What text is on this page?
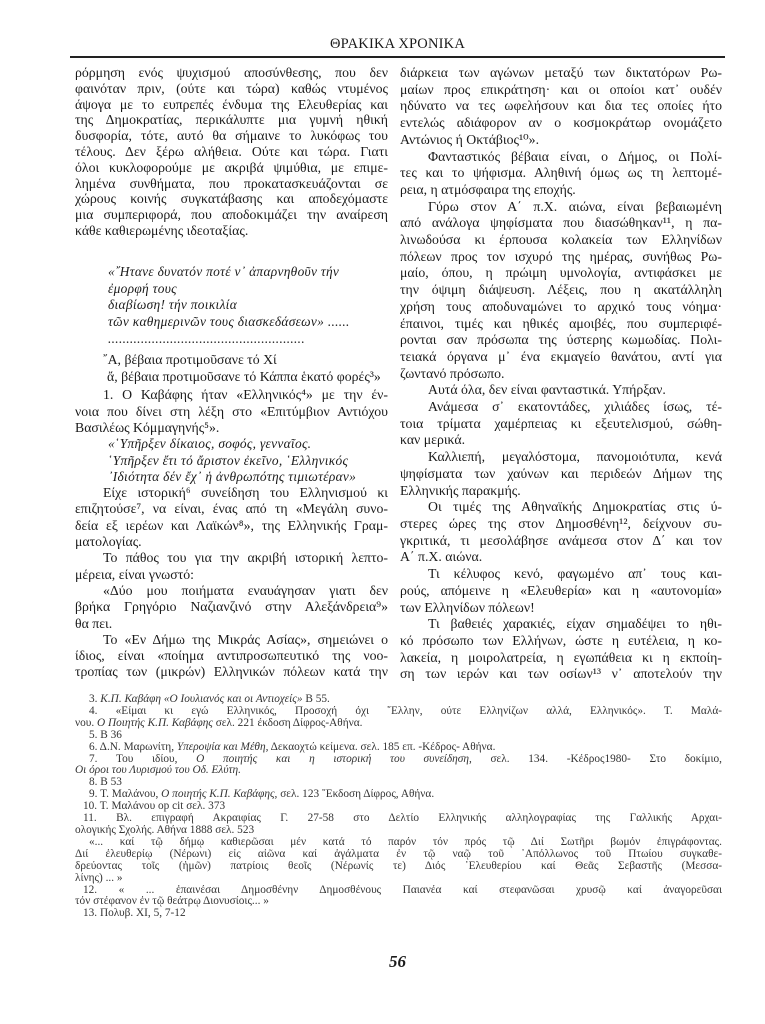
ΘΡΑΚΙΚΑ ΧΡΟΝΙΚΑ
ρόρμηση ενός ψυχισμού αποσύνθεσης, που δεν
φαινόταν πριν, (ούτε και τώρα) καθώς ντυμένος
άψογα με το ευπρεπές ένδυμα της Ελευθερίας και
της Δημοκρατίας, περικάλυπτε μια γυμνή ηθική
δυσφορία, τότε, αυτό θα σήμαινε το λυκόφως του
τέλους. Δεν ξέρω αλήθεια. Ούτε και τώρα. Γιατι
όλοι κυκλοφορούμε με ακριβά ψιμύθια, με επιμε-
λημένα συνθήματα, που προκατασκευάζονται σε
χώρους κοινής συγκατάβασης και αποδεχόμαστε
μια συμπεριφορά, που αποδοκιμάζει την αναίρεση
κάθε καθιερωμένης ιδεοταξίας.
«῎Ητανε δυνατόν ποτέ ν᾽ ἀπαρνηθοῦν τήν
ἐμορφή τους
διαβίωση! τήν ποικιλία
τῶν καθημερινῶν τους διασκεδάσεων» ......
......................................................
῎Α, βέβαια προτιμοῦσανε τό Χί
ἄ, βέβαια προτιμοῦσανε τό Κάππα ἑκατό φορές³»
1. Ο Καβάφης ήταν «Ελληνικός⁴» με την έν-
νοια που δίνει στη λέξη στο «Επιτύμβιον Αντιόχου
Βασιλέως Κόμμαγηνής⁵».
«῾Υπῆρξεν δίκαιος, σοφός, γενναῖος.
῾Υπῆρξεν ἔτι τό ἄριστον ἐκεῖνο, ῾Ελληνικός
᾽Ιδιότητα δέν ἔχ᾽ ἡ ἀνθρωπότης τιμιωτέραν»
Είχε ιστορική⁶ συνείδηση του Ελληνισμού κι
επιζητούσε⁷, να είναι, ένας από τη «Μεγάλη συνο-
δεία εξ ιερέων και Λαϊκών⁸», της Ελληνικής Γραμ-
ματολογίας.
Το πάθος του για την ακριβή ιστορική λεπτο-
μέρεια, είναι γνωστό:
«Δύο μου ποιήματα εναυάγησαν γιατι δεν
βρήκα Γρηγόριο Ναζιανζινό στην Αλεξάνδρεια⁹»
θα πει.
Το «Εν Δήμω της Μικράς Ασίας», σημειώνει ο
ίδιος, είναι «ποίημα αντιπροσωπευτικό της νοο-
τροπίας των (μικρών) Ελληνικών πόλεων κατά την
διάρκεια των αγώνων μεταξύ των δικτατόρων Ρω-
μαίων προς επικράτηση· και οι οποίοι κατ᾽ ουδέν
ηδύνατο να τες ωφελήσουν και δια τες οποίες ήτο
εντελώς αδιάφορον αν ο κοσμοκράτωρ ονομάζετο
Αντώνιος ή Οκτάβιος¹⁰».
Φανταστικός βέβαια είναι, ο Δήμος, οι Πολί-
τες και το ψήφισμα. Αληθινή όμως ως τη λεπτομέ-
ρεια, η ατμόσφαιρα της εποχής.
Γύρω στον Α΄ π.Χ. αιώνα, είναι βεβαιωμένη
από ανάλογα ψηφίσματα που διασώθηκαν¹¹, η πα-
λινωδούσα κι έρπουσα κολακεία των Ελληνίδων
πόλεων προς τον ισχυρό της ημέρας, συνήθως Ρω-
μαίο, όπου, η πρώιμη υμνολογία, αντιφάσκει με
την όψιμη διάψευση. Λέξεις, που η ακατάλληλη
χρήση τους αποδυναμώνει το αρχικό τους νόημα·
έπαινοι, τιμές και ηθικές αμοιβές, που συμπεριφέ-
ρονται σαν πρόσωπα της ύστερης κωμωδίας. Πολι-
τειακά όργανα μ᾽ ένα εκμαγείο θανάτου, αντί για
ζωντανό πρόσωπο.
Αυτά όλα, δεν είναι φανταστικά. Υπήρξαν.
Ανάμεσα σ᾽ εκατοντάδες, χιλιάδες ίσως, τέ-
τοια τρίματα χαμέρπειας κι εξευτελισμού, σώθη-
καν μερικά.
Καλλιεπή, μεγαλόστομα, πανομοιότυπα, κενά
ψηφίσματα των χαύνων και περιδεών Δήμων της
Ελληνικής παρακμής.
Οι τιμές της Αθηναϊκής Δημοκρατίας στις ύ-
στερες ώρες της στον Δημοσθένη¹², δείχνουν συ-
γκριτικά, τι μεσολάβησε ανάμεσα στον Δ΄ και τον
Α΄ π.Χ. αιώνα.
Τι κέλυφος κενό, φαγωμένο απ᾽ τους και-
ρούς, απόμεινε η «Ελευθερία» και η «αυτονομία»
των Ελληνίδων πόλεων!
Τι βαθειές χαρακιές, είχαν σημαδέψει το ηθι-
κό πρόσωπο των Ελλήνων, ώστε η ευτέλεια, η κο-
λακεία, η μοιρολατρεία, η εγωπάθεια κι η εκποίη-
ση των ιερών και των οσίων¹³ ν᾽ αποτελούν την
3. Κ.Π. Καβάφη «Ο Ιουλιανός και οι Αντιοχείς» Β 55.
4. «Είμαι κι εγώ Ελληνικός, Προσοχή όχι ῞Ελλην, ούτε Ελληνίζων αλλά, Ελληνικός». Τ. Μαλά-
νου. Ο Ποιητής Κ.Π. Καβάφης σελ. 221 έκδοση Δίφρος-Αθήνα.
5. Β 36
6. Δ.Ν. Μαρωνίτη, Υπεροψία και Μέθη, Δεκαοχτώ κείμενα. σελ. 185 επ. -Κέδρος- Αθήνα.
7. Του ιδίου, Ο ποιητής και η ιστορική του συνείδηση, σελ. 134. -Κέδρος1980- Στο δοκίμιο,
Οι όροι του Λυρισμού του Οδ. Ελύτη.
8. Β 53
9. Τ. Μαλάνου, Ο ποιητής Κ.Π. Καβάφης, σελ. 123 ῞Εκδοση Δίφρος, Αθήνα.
10. Τ. Μαλάνου op cit σελ. 373
11. Βλ. επιγραφή Ακραιφίας Γ. 27-58 στο Δελτίο Ελληνικής αλληλογραφίας της Γαλλικής Αρχαι-
ολογικής Σχολής. Αθήνα 1888 σελ. 523
«... καί τῷ δήμῳ καθιερῶσαι μέν κατά τό παρόν τόν πρός τῷ Διί Σωτῆρι βωμόν ἐπιγράφοντας.
Διί ἐλευθερίῳ (Νέρωνι) εἰς αἰῶνα καί ἀγάλματα ἐν τῷ ναῷ τοῦ ᾽Απόλλωνος τοῦ Πτωίου συγκαθε-
δρεύοντας τοῖς (ἡμῶν) πατρίοις θεοῖς (Νέρωνίς τε) Διός ᾽Ελευθερίου καί Θεᾶς Σεβαστῆς (Μεσσα-
λίνης) ... »
12. « ... ἐπαινέσαι Δημοσθένην Δημοσθένους Παιανέα καί στεφανῶσαι χρυσῷ καί ἀναγορεῦσαι
τόν στέφανον ἐν τῷ θεάτρῳ Διονυσίοις... »
13. Πολυβ. XI, 5, 7-12
56
